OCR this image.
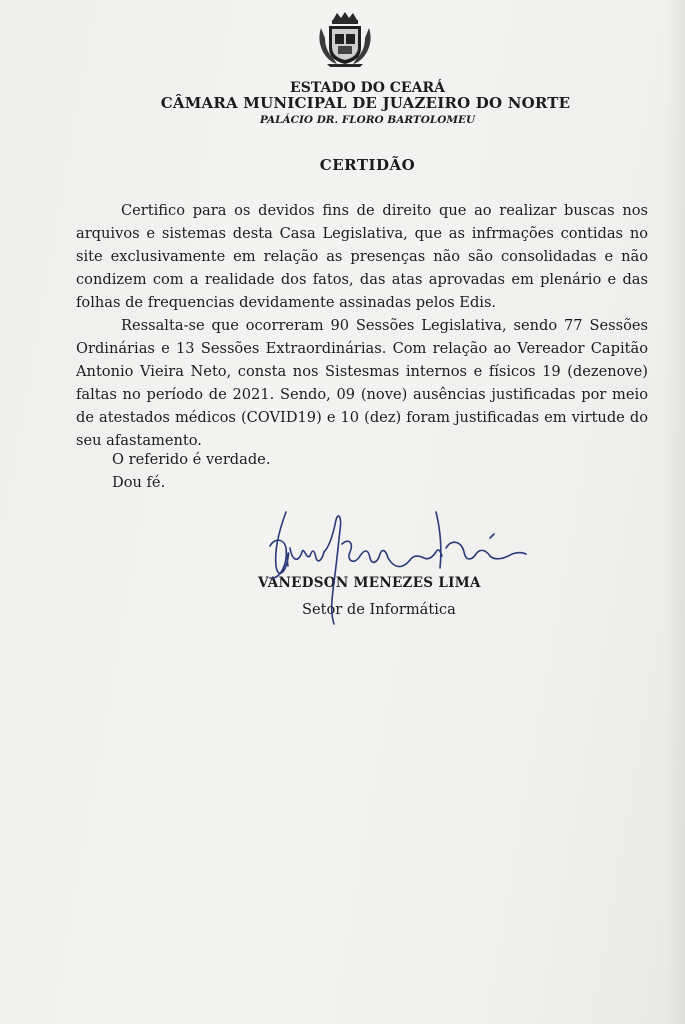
ESTADO DO CEARÁ
CÂMARA MUNICIPAL DE JUAZEIRO DO NORTE
PALÁCIO DR. FLORO BARTOLOMEU
CERTIDÃO

Certifico para os devidos fins de direito que ao realizar buscas nos arquivos e sistemas desta Casa Legislativa, que as infrmações contidas no site exclusivamente em relação as presenças não são consolidadas e não condizem com a realidade dos fatos, das atas aprovadas em plenário e das folhas de frequencias devidamente assinadas pelos Edis.

Ressalta-se que ocorreram 90 Sessões Legislativa, sendo 77 Sessões Ordinárias e 13 Sessões Extraordinárias. Com relação ao Vereador Capitão Antonio Vieira Neto, consta nos Sistesmas internos e físicos 19 (dezenove) faltas no período de 2021. Sendo, 09 (nove) ausências justificadas por meio de atestados médicos (COVID19) e 10 (dez) foram justificadas em virtude do seu afastamento.

O referido é verdade.
Dou fé.
VANEDSON MENEZES LIMA
Setor de Informática
